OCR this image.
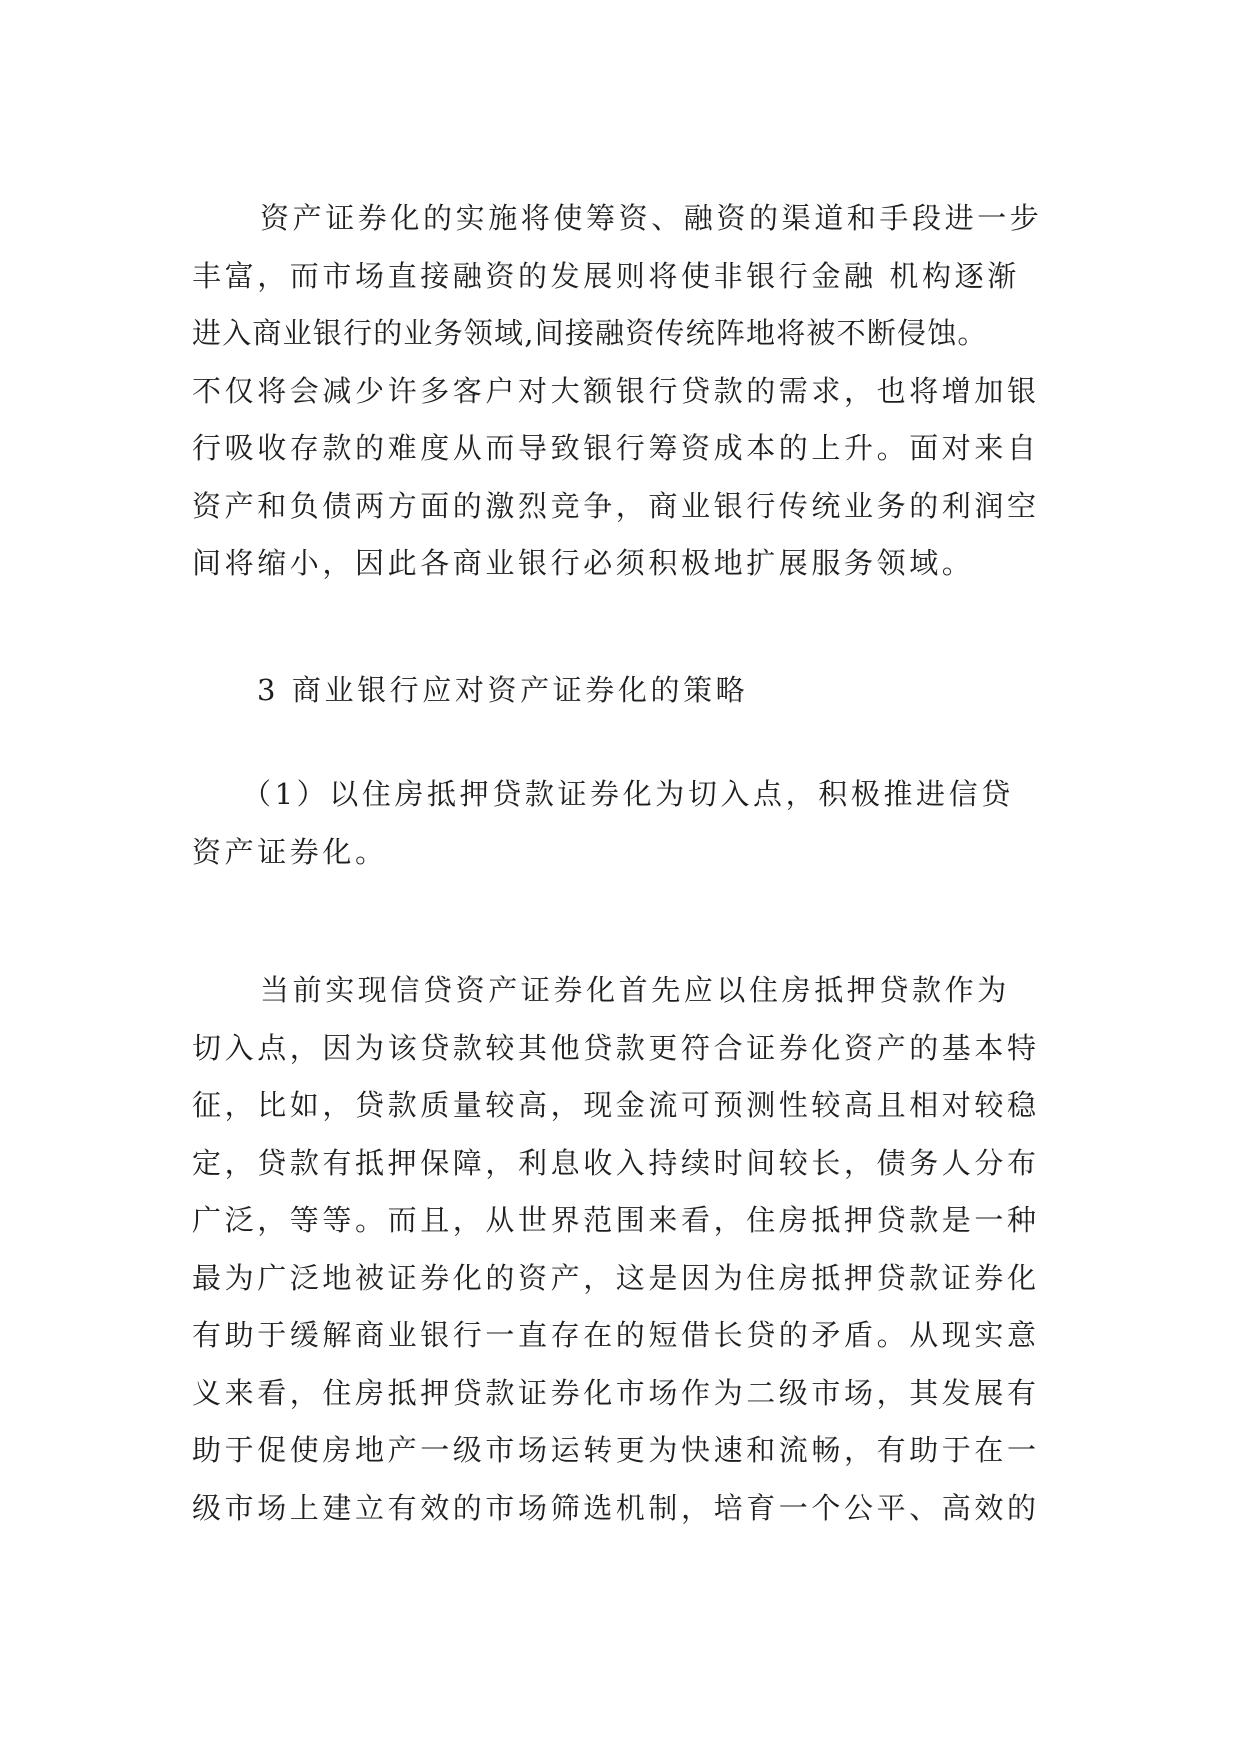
资产证券化的实施将使筹资、融资的渠道和手段进一步
丰富，而市场直接融资的发展则将使非银行金融 机构逐渐
进入商业银行的业务领域,间接融资传统阵地将被不断侵蚀。
不仅将会减少许多客户对大额银行贷款的需求，也将增加银
行吸收存款的难度从而导致银行筹资成本的上升。面对来自
资产和负债两方面的激烈竞争，商业银行传统业务的利润空
间将缩小，因此各商业银行必须积极地扩展服务领域。
3 商业银行应对资产证券化的策略
（1）以住房抵押贷款证券化为切入点，积极推进信贷
资产证券化。
当前实现信贷资产证券化首先应以住房抵押贷款作为
切入点，因为该贷款较其他贷款更符合证券化资产的基本特
征，比如，贷款质量较高，现金流可预测性较高且相对较稳
定，贷款有抵押保障，利息收入持续时间较长，债务人分布
广泛，等等。而且，从世界范围来看，住房抵押贷款是一种
最为广泛地被证券化的资产，这是因为住房抵押贷款证券化
有助于缓解商业银行一直存在的短借长贷的矛盾。从现实意
义来看，住房抵押贷款证券化市场作为二级市场，其发展有
助于促使房地产一级市场运转更为快速和流畅，有助于在一
级市场上建立有效的市场筛选机制，培育一个公平、高效的
